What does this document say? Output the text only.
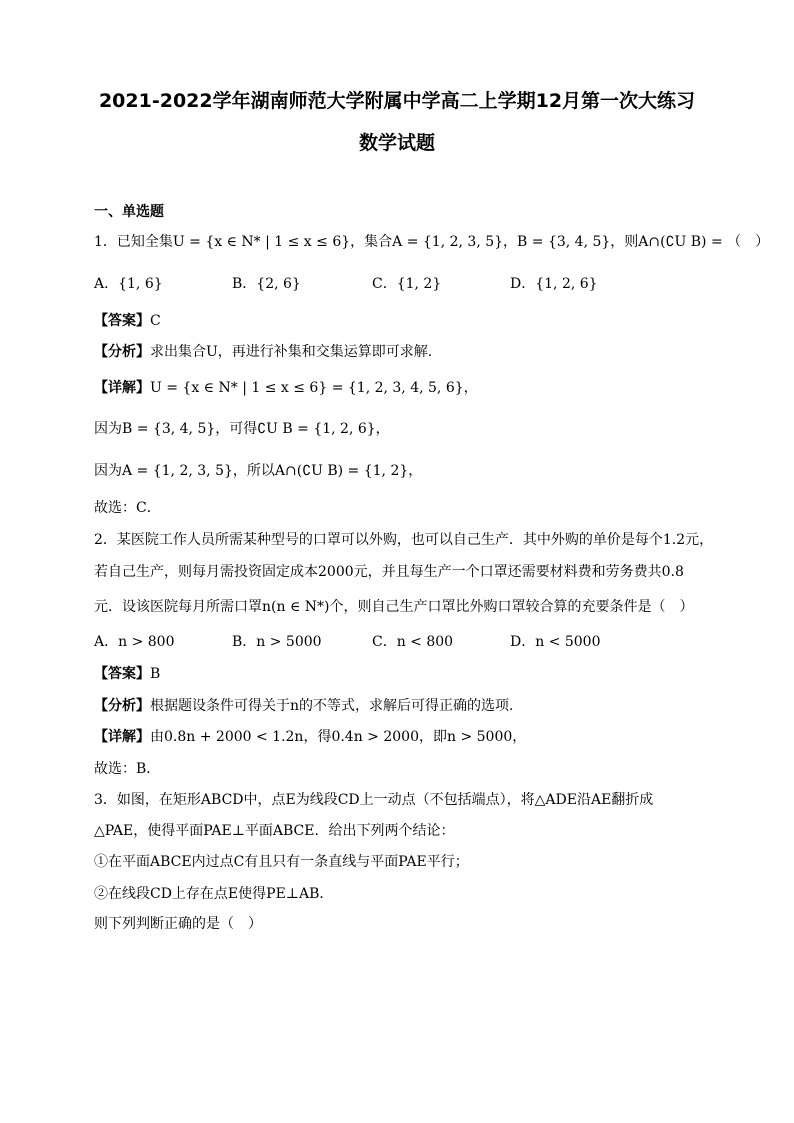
2021-2022学年湖南师范大学附属中学高二上学期12月第一次大练习
数学试题
一、单选题
1．已知全集U = {x ∈ N* | 1 ≤ x ≤ 6}，集合A = {1, 2, 3, 5}，B = {3, 4, 5}，则A∩(∁U B) = （　）
A．{1, 6}	B．{2, 6}	C．{1, 2}	D．{1, 2, 6}
【答案】C
【分析】求出集合U，再进行补集和交集运算即可求解.
【详解】U = {x ∈ N* | 1 ≤ x ≤ 6} = {1, 2, 3, 4, 5, 6}，
因为B = {3, 4, 5}，可得∁U B = {1, 2, 6}，
因为A = {1, 2, 3, 5}，所以A∩(∁U B) = {1, 2}，
故选：C．
2．某医院工作人员所需某种型号的口罩可以外购，也可以自己生产．其中外购的单价是每个1.2元，
若自己生产，则每月需投资固定成本2000元，并且每生产一个口罩还需要材料费和劳务费共0.8
元．设该医院每月所需口罩n(n ∈ N*)个，则自己生产口罩比外购口罩较合算的充要条件是（　）
A．n > 800	B．n > 5000	C．n < 800	D．n < 5000
【答案】B
【分析】根据题设条件可得关于n的不等式，求解后可得正确的选项.
【详解】由0.8n + 2000 < 1.2n，得0.4n > 2000，即n > 5000，
故选：B．
3．如图，在矩形ABCD中，点E为线段CD上一动点（不包括端点），将△ADE沿AE翻折成
△PAE，使得平面PAE⊥平面ABCE．给出下列两个结论：
①在平面ABCE内过点C有且只有一条直线与平面PAE平行；
②在线段CD上存在点E使得PE⊥AB．
则下列判断正确的是（　）
